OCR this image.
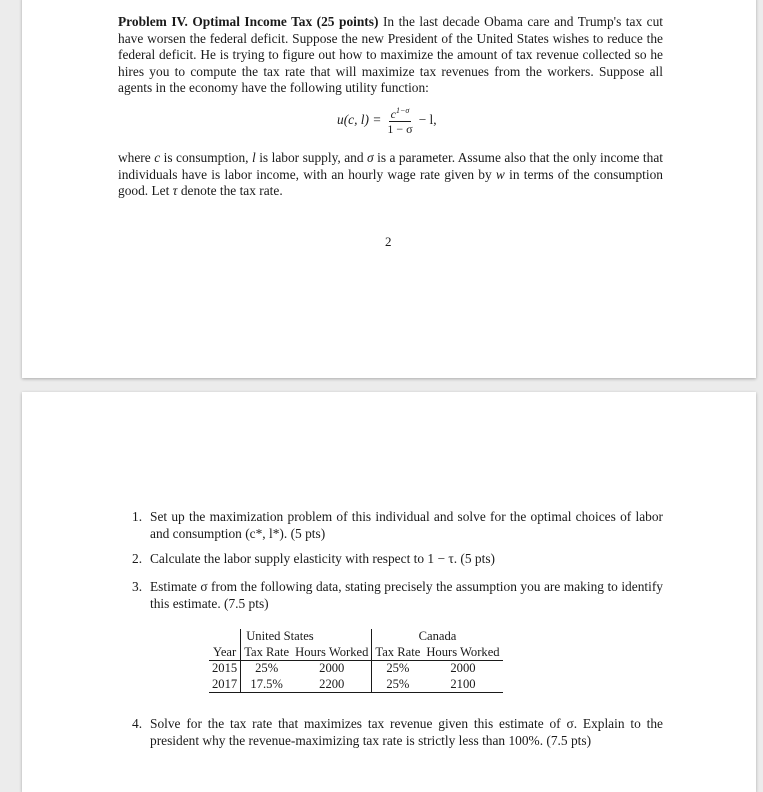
Problem IV. Optimal Income Tax (25 points) In the last decade Obama care and Trump's tax cut have worsen the federal deficit. Suppose the new President of the United States wishes to reduce the federal deficit. He is trying to figure out how to maximize the amount of tax revenue collected so he hires you to compute the tax rate that will maximize tax revenues from the workers. Suppose all agents in the economy have the following utility function:
u(c, $l) = \frac{c^{1-\sigma}}{1 - \sigma} - l$,
where c is consumption, l is labor supply, and σ is a parameter. Assume also that the only income that individuals have is labor income, with an hourly wage rate given by w in terms of the consumption good. Let τ denote the tax rate.
2
1. Set up the maximization problem of this individual and solve for the optimal choices of labor and consumption (c*, l*). (5 pts)
2. Calculate the labor supply elasticity with respect to 1 − τ. (5 pts)
3. Estimate σ from the following data, stating precisely the assumption you are making to identify this estimate. (7.5 pts)
	United States		Canada	
Year	Tax Rate	Hours Worked	Tax Rate	Hours Worked
2015	25%	2000	25%	2000
2017	17.5%	2200	25%	2100
4. Solve for the tax rate that maximizes tax revenue given this estimate of σ. Explain to the president why the revenue-maximizing tax rate is strictly less than 100%. (7.5 pts)
